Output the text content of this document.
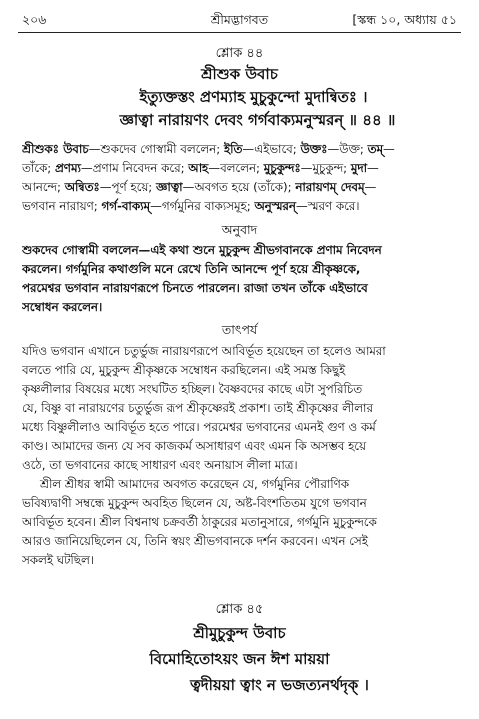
২০৬	শ্রীমদ্ভাগবত	[স্কন্ধ ১০, অধ্যায় ৫১
শ্লোক ৪৪
শ্রীশুক উবাচ
ইত্যুক্তস্তং প্রণম্যাহ মুচুকুন্দো মুদান্বিতঃ ।
জ্ঞাত্বা নারায়ণং দেবং গর্গবাক্যমনুস্মরন্ ॥ ৪৪ ॥
শ্রীশুকঃ উবাচ—শুকদেব গোস্বামী বললেন; ইতি—এইভাবে; উক্তঃ—উক্ত; তম্—
তাঁকে; প্রণম্য—প্রণাম নিবেদন করে; আহ—বললেন; মুচুকুন্দঃ—মুচুকুন্দ; মুদা—
আনন্দে; অন্বিতঃ—পূর্ণ হয়ে; জ্ঞাত্বা—অবগত হয়ে (তাঁকে); নারায়ণম্ দেবম্—
ভগবান নারায়ণ; গর্গ-বাক্যম্—গর্গমুনির বাক্যসমূহ; অনুস্মরন্—স্মরণ করে।
অনুবাদ
শুকদেব গোস্বামী বললেন—এই কথা শুনে মুচুকুন্দ শ্রীভগবানকে প্রণাম নিবেদন
করলেন। গর্গমুনির কথাগুলি মনে রেখে তিনি আনন্দে পূর্ণ হয়ে শ্রীকৃষ্ণকে,
পরমেশ্বর ভগবান নারায়ণরূপে চিনতে পারলেন। রাজা তখন তাঁকে এইভাবে
সম্বোধন করলেন।
তাৎপর্য
যদিও ভগবান এখানে চতুর্ভুজ নারায়ণরূপে আবির্ভূত হয়েছেন তা হলেও আমরা
বলতে পারি যে, মুচুকুন্দ শ্রীকৃষ্ণকে সম্বোধন করছিলেন। এই সমস্ত কিছুই
কৃষ্ণলীলার বিষয়ের মধ্যে সংঘটিত হচ্ছিল। বৈষ্ণবদের কাছে এটা সুপরিচিত
যে, বিষ্ণু বা নারায়ণের চতুর্ভুজ রূপ শ্রীকৃষ্ণেরই প্রকাশ। তাই শ্রীকৃষ্ণের লীলার
মধ্যে বিষ্ণুলীলাও আবির্ভূত হতে পারে। পরমেশ্বর ভগবানের এমনই গুণ ও কর্ম
কাণ্ড। আমাদের জন্য যে সব কাজকর্ম অসাধারণ এবং এমন কি অসম্ভব হয়ে
ওঠে, তা ভগবানের কাছে সাধারণ এবং অনায়াস লীলা মাত্র।
শ্রীল শ্রীধর স্বামী আমাদের অবগত করেছেন যে, গর্গমুনির পৌরাণিক
ভবিষ্যদ্বাণী সম্বন্ধে মুচুকুন্দ অবহিত ছিলেন যে, অষ্ট-বিংশতিতম যুগে ভগবান
আবির্ভূত হবেন। শ্রীল বিশ্বনাথ চক্রবর্তী ঠাকুরের মতানুসারে, গর্গমুনি মুচুকুন্দকে
আরও জানিয়েছিলেন যে, তিনি স্বয়ং শ্রীভগবানকে দর্শন করবেন। এখন সেই
সকলই ঘটছিল।
শ্লোক ৪৫
শ্রীমুচুকুন্দ উবাচ
বিমোহিতোঽয়ং জন ঈশ মায়য়া
ত্বদীয়য়া ত্বাং ন ভজত্যনর্থদৃক্ ।
